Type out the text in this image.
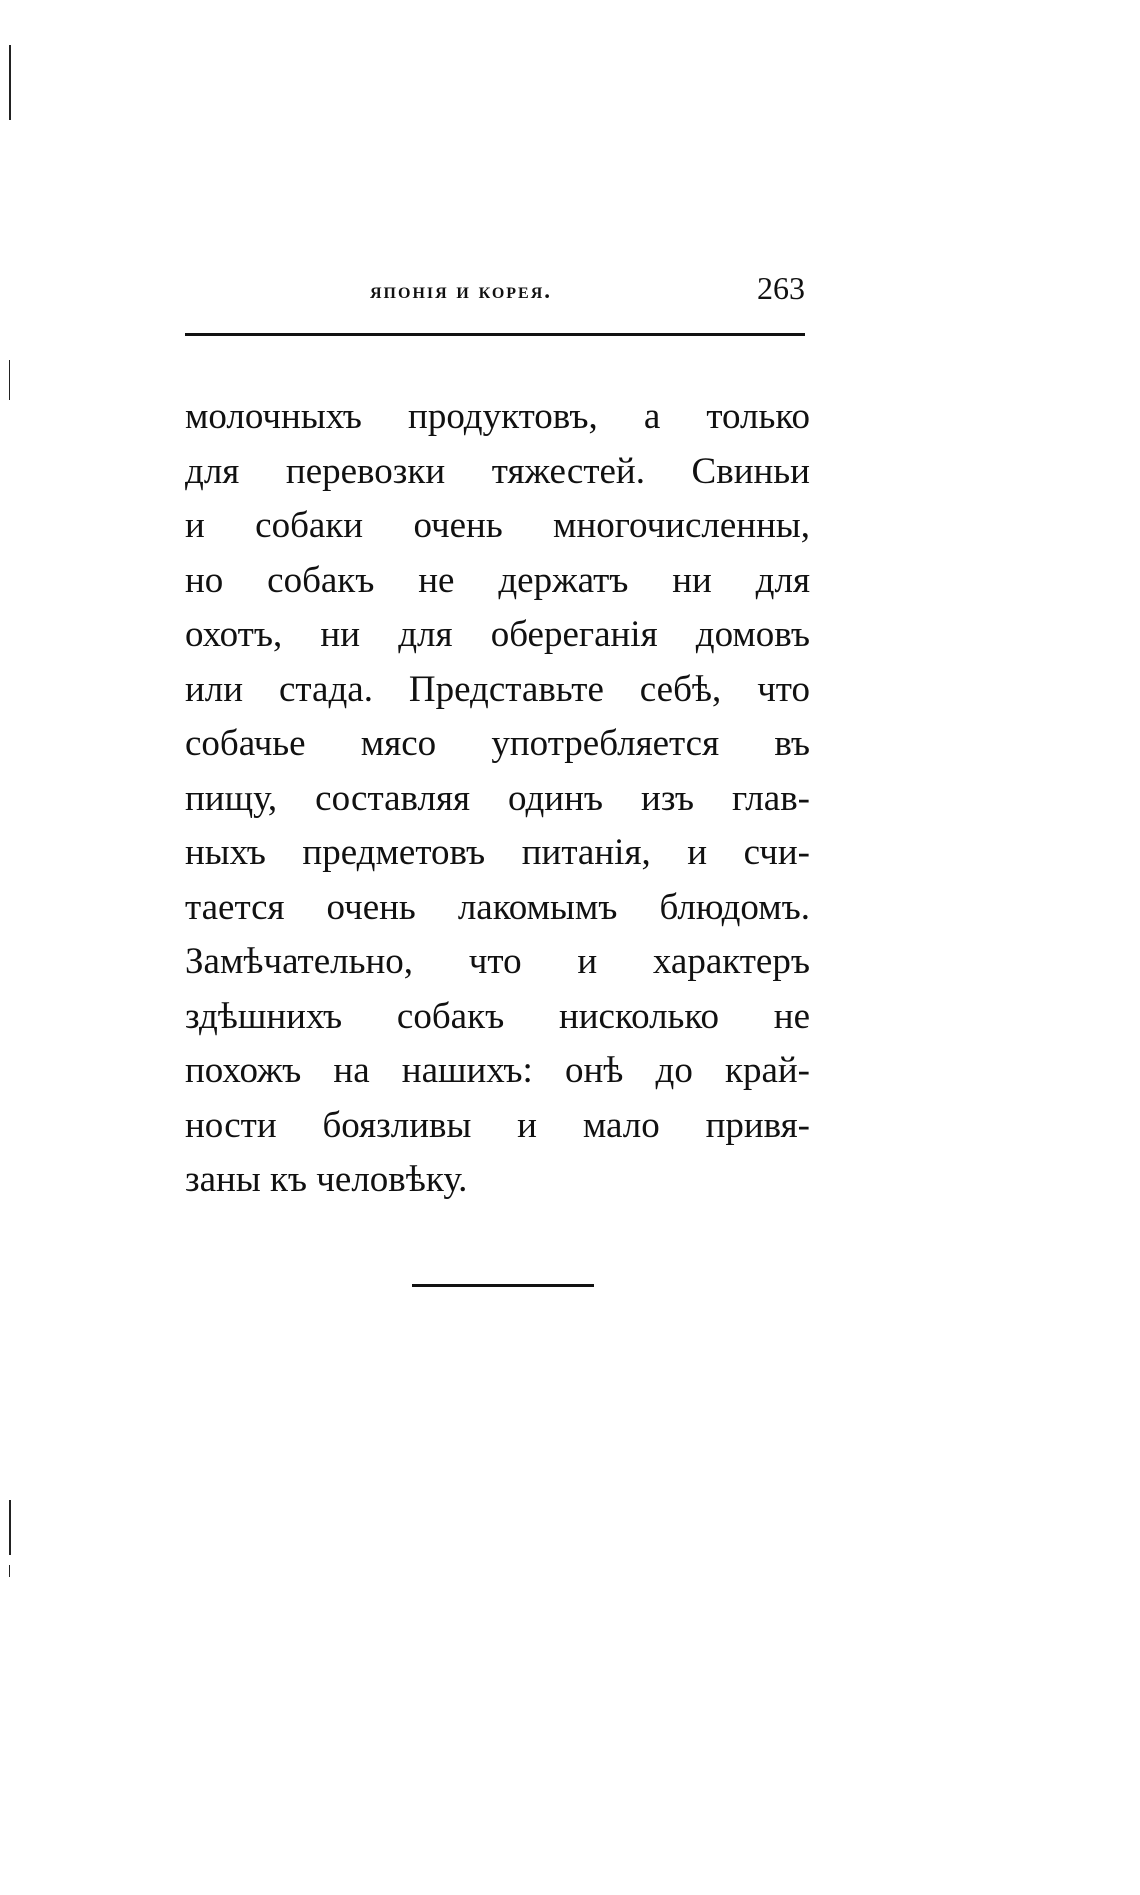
японія и корея.	263
молочныхъ продуктовъ, а только
для перевозки тяжестей. Свиньи
и собаки очень многочисленны,
но собакъ не держатъ ни для
охотъ, ни для обереганія домовъ
или стада. Представьте себѣ, что
собачье мясо употребляется въ
пищу, составляя одинъ изъ глав-
ныхъ предметовъ питанія, и счи-
тается очень лакомымъ блюдомъ.
Замѣчательно, что и характеръ
здѣшнихъ собакъ нисколько не
похожъ на нашихъ: онѣ до край-
ности боязливы и мало привя-
заны къ человѣку.
